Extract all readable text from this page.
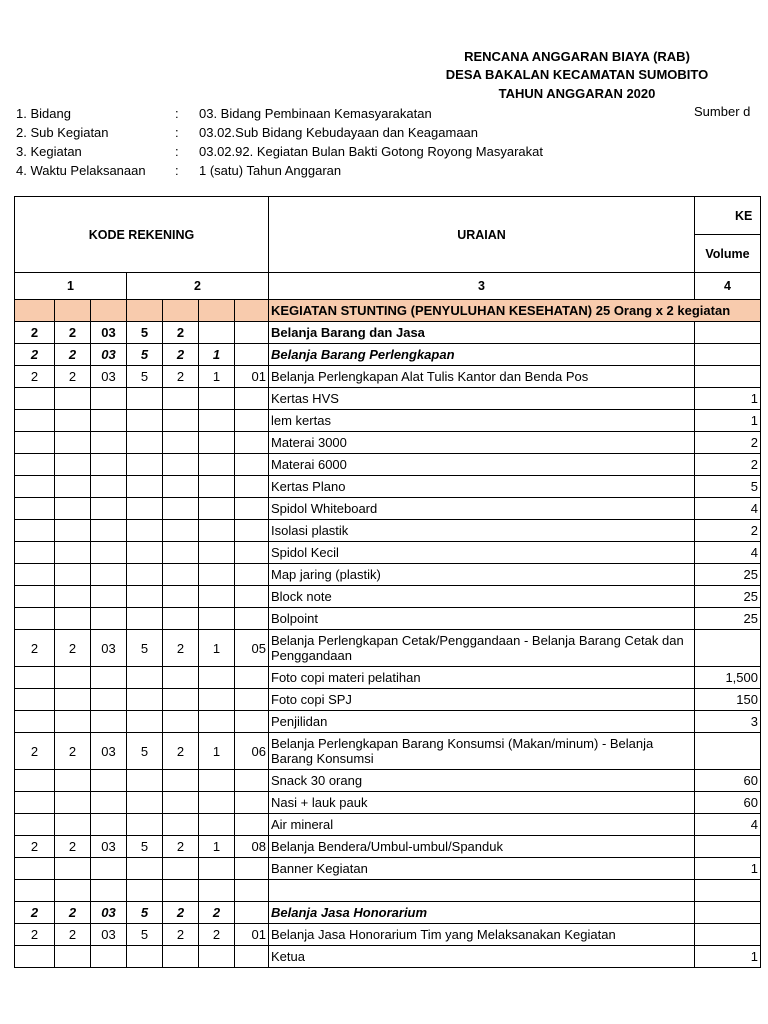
RENCANA ANGGARAN BIAYA (RAB)
DESA BAKALAN KECAMATAN SUMOBITO
TAHUN ANGGARAN 2020
Sumber d
KODE REKENING							URAIAN	KE
								Volume
1			2				3	4
							KEGIATAN STUNTING (PENYULUHAN KESEHATAN) 25 Orang x 2 kegiatan	
2	2	03	5	2			Belanja Barang dan Jasa	
2	2	03	5	2	1		Belanja Barang Perlengkapan	
2	2	03	5	2	1	01	Belanja Perlengkapan Alat Tulis Kantor dan Benda Pos	
							Kertas HVS	1
							lem kertas	1
							Materai 3000	2
							Materai 6000	2
							Kertas Plano	5
							Spidol Whiteboard	4
							Isolasi plastik	2
							Spidol Kecil	4
							Map jaring (plastik)	25
							Block note	25
							Bolpoint	25
2	2	03	5	2	1	05	Belanja Perlengkapan Cetak/Penggandaan - Belanja Barang Cetak dan Penggandaan	
							Foto copi materi pelatihan	1,500
							Foto copi SPJ	150
							Penjilidan	3
2	2	03	5	2	1	06	Belanja Perlengkapan Barang Konsumsi (Makan/minum) - Belanja Barang Konsumsi	
							Snack 30 orang	60
							Nasi + lauk pauk	60
							Air mineral	4
2	2	03	5	2	1	08	Belanja Bendera/Umbul-umbul/Spanduk	
							Banner Kegiatan	1

2	2	03	5	2	2		Belanja Jasa Honorarium	
2	2	03	5	2	2	01	Belanja Jasa Honorarium Tim yang Melaksanakan Kegiatan	
							Ketua	1
1. Bidang	: 03. Bidang Pembinaan Kemasyarakatan
2. Sub Kegiatan	: 03.02.Sub Bidang Kebudayaan dan Keagamaan
3. Kegiatan	: 03.02.92. Kegiatan Bulan Bakti Gotong Royong Masyarakat
4. Waktu Pelaksanaan : 1 (satu) Tahun Anggaran
